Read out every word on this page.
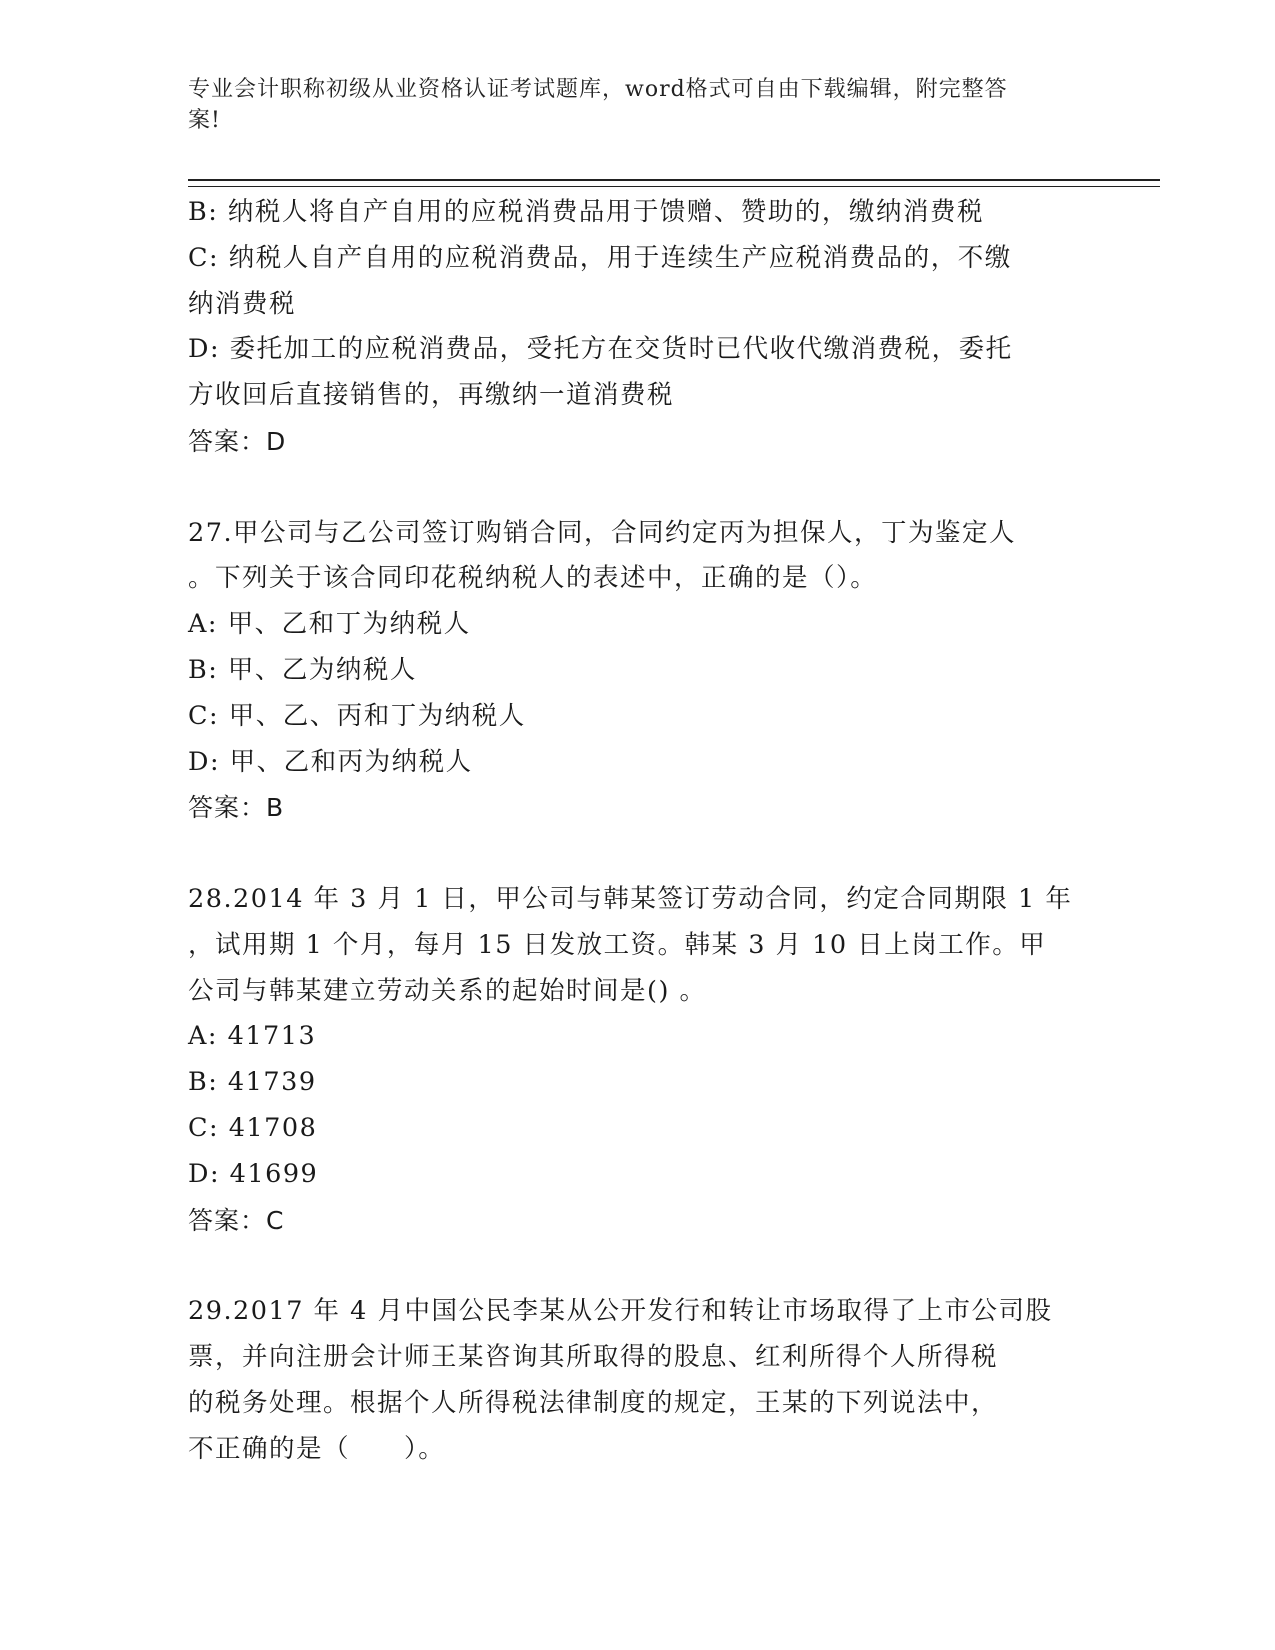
专业会计职称初级从业资格认证考试题库，word格式可自由下载编辑，附完整答
案!
B: 纳税人将自产自用的应税消费品用于馈赠、赞助的，缴纳消费税
C: 纳税人自产自用的应税消费品，用于连续生产应税消费品的，不缴
纳消费税
D: 委托加工的应税消费品，受托方在交货时已代收代缴消费税，委托
方收回后直接销售的，再缴纳一道消费税
答案：D
27.甲公司与乙公司签订购销合同，合同约定丙为担保人，丁为鉴定人
。下列关于该合同印花税纳税人的表述中，正确的是（）。
A: 甲、乙和丁为纳税人
B: 甲、乙为纳税人
C: 甲、乙、丙和丁为纳税人
D: 甲、乙和丙为纳税人
答案：B
28.2014 年 3 月 1 日，甲公司与韩某签订劳动合同，约定合同期限 1 年
，试用期 1 个月，每月 15 日发放工资。韩某 3 月 10 日上岗工作。甲
公司与韩某建立劳动关系的起始时间是() 。
A: 41713
B: 41739
C: 41708
D: 41699
答案：C
29.2017 年 4 月中国公民李某从公开发行和转让市场取得了上市公司股
票，并向注册会计师王某咨询其所取得的股息、红利所得个人所得税
的税务处理。根据个人所得税法律制度的规定，王某的下列说法中，
不正确的是（　　）。
